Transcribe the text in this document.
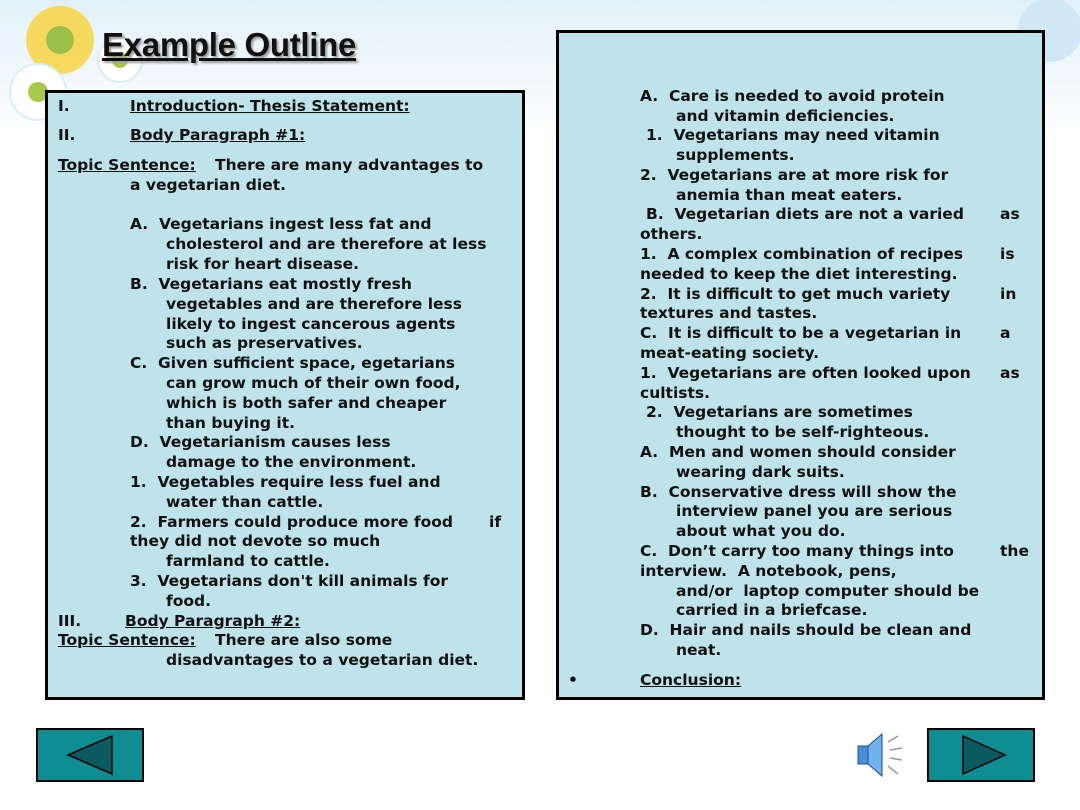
Example Outline
I.	Introduction- Thesis Statement:
II.	Body Paragraph #1:
Topic Sentence: There are many advantages to
a vegetarian diet.
A.  Vegetarians ingest less fat and
cholesterol and are therefore at less
risk for heart disease.
B.  Vegetarians eat mostly fresh
vegetables and are therefore less
likely to ingest cancerous agents
such as preservatives.
C.  Given sufficient space, egetarians
can grow much of their own food,
which is both safer and cheaper
than buying it.
D.  Vegetarianism causes less
damage to the environment.
1.  Vegetables require less fuel and
water than cattle.
2.  Farmers could produce more food if
they did not devote so much
farmland to cattle.
3.  Vegetarians don't kill animals for
food.
III.	Body Paragraph #2:
Topic Sentence: There are also some
disadvantages to a vegetarian diet.
A.  Care is needed to avoid protein
and vitamin deficiencies.
1.  Vegetarians may need vitamin
supplements.
2.  Vegetarians are at more risk for
anemia than meat eaters.
B.  Vegetarian diets are not a varied as
others.
1.  A complex combination of recipes is
needed to keep the diet interesting.
2.  It is difficult to get much variety	in
textures and tastes.
C.  It is difficult to be a vegetarian in	a
meat-eating society.
1.  Vegetarians are often looked upon as
cultists.
2.  Vegetarians are sometimes
thought to be self-righteous.
A.  Men and women should consider
wearing dark suits.
B.  Conservative dress will show the
interview panel you are serious
about what you do.
C.  Don’t carry too many things into	the
interview.  A notebook, pens,
and/or  laptop computer should be
carried in a briefcase.
D.  Hair and nails should be clean and
neat.
•	Conclusion:
